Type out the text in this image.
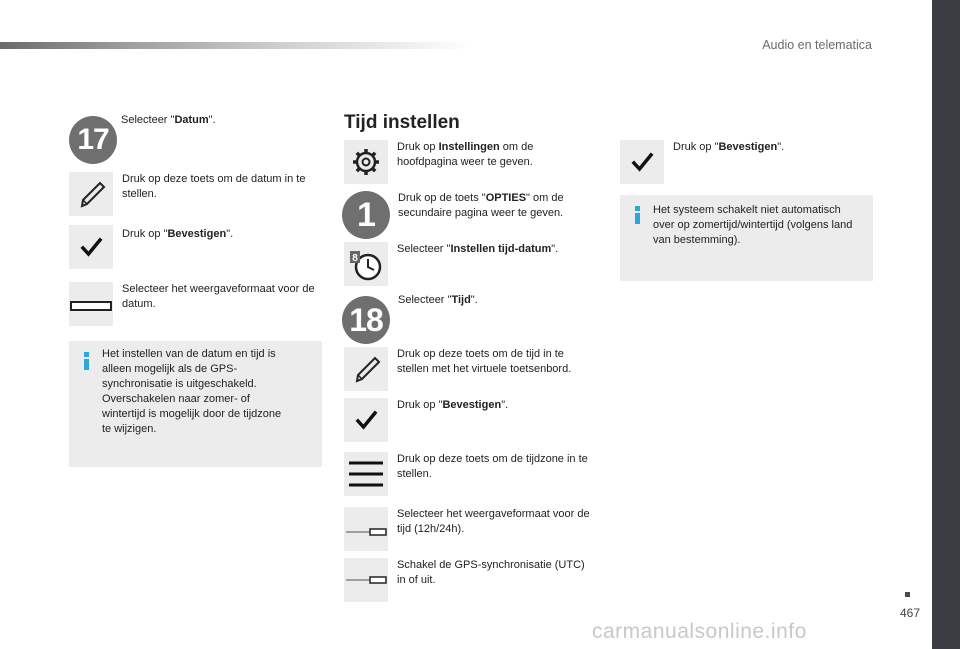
Audio en telematica
17
Selecteer "Datum".
Druk op deze toets om de datum in te stellen.
Druk op "Bevestigen".
Selecteer het weergaveformaat voor de datum.
Het instellen van de datum en tijd is alleen mogelijk als de GPS-synchronisatie is uitgeschakeld. Overschakelen naar zomer- of wintertijd is mogelijk door de tijdzone te wijzigen.
Tijd instellen
Druk op Instellingen om de hoofdpagina weer te geven.
1	Druk op de toets "OPTIES" om de secundaire pagina weer te geven.
8
Selecteer "Instellen tijd-datum".
18
Selecteer "Tijd".
Druk op deze toets om de tijd in te stellen met het virtuele toetsenbord.
Druk op "Bevestigen".
Druk op deze toets om de tijdzone in te stellen.
Selecteer het weergaveformaat voor de tijd (12h/24h).
Schakel de GPS-synchronisatie (UTC) in of uit.
Druk op "Bevestigen".
Het systeem schakelt niet automatisch over op zomertijd/wintertijd (volgens land van bestemming).
467
carmanualsonline.info
